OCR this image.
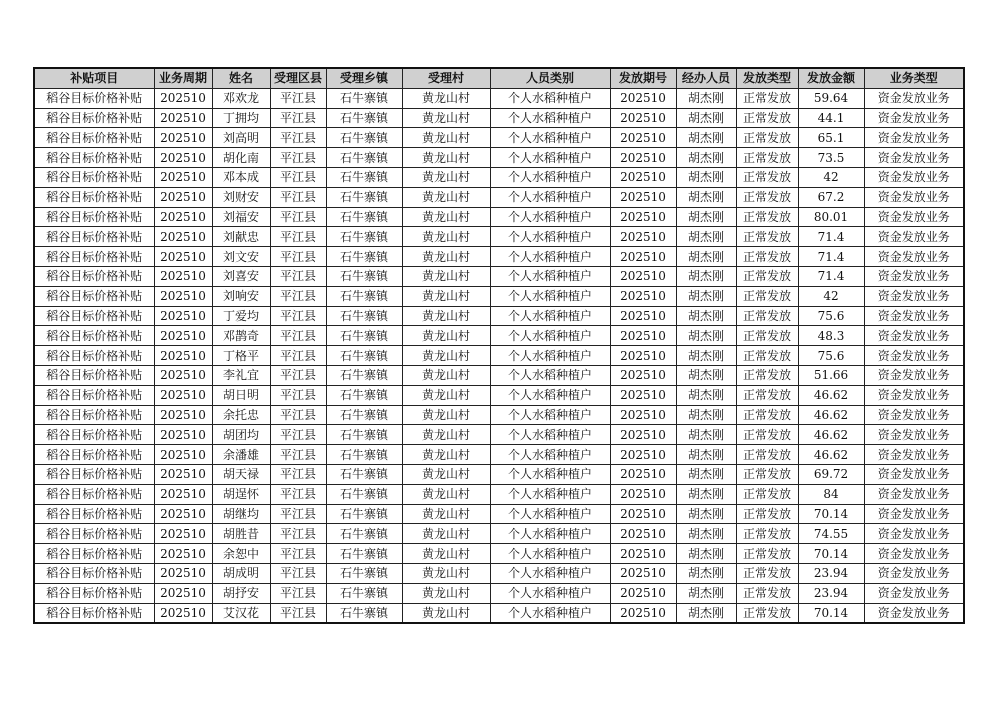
补贴项目	业务周期	姓名	受理区县	受理乡镇	受理村	人员类别	发放期号	经办人员	发放类型	发放金额	业务类型
稻谷目标价格补贴	202510	邓欢龙	平江县	石牛寨镇	黄龙山村	个人水稻种植户	202510	胡杰刚	正常发放	59.64	资金发放业务
稻谷目标价格补贴	202510	丁拥均	平江县	石牛寨镇	黄龙山村	个人水稻种植户	202510	胡杰刚	正常发放	44.1	资金发放业务
稻谷目标价格补贴	202510	刘高明	平江县	石牛寨镇	黄龙山村	个人水稻种植户	202510	胡杰刚	正常发放	65.1	资金发放业务
稻谷目标价格补贴	202510	胡化南	平江县	石牛寨镇	黄龙山村	个人水稻种植户	202510	胡杰刚	正常发放	73.5	资金发放业务
稻谷目标价格补贴	202510	邓本成	平江县	石牛寨镇	黄龙山村	个人水稻种植户	202510	胡杰刚	正常发放	42	资金发放业务
稻谷目标价格补贴	202510	刘财安	平江县	石牛寨镇	黄龙山村	个人水稻种植户	202510	胡杰刚	正常发放	67.2	资金发放业务
稻谷目标价格补贴	202510	刘福安	平江县	石牛寨镇	黄龙山村	个人水稻种植户	202510	胡杰刚	正常发放	80.01	资金发放业务
稻谷目标价格补贴	202510	刘献忠	平江县	石牛寨镇	黄龙山村	个人水稻种植户	202510	胡杰刚	正常发放	71.4	资金发放业务
稻谷目标价格补贴	202510	刘文安	平江县	石牛寨镇	黄龙山村	个人水稻种植户	202510	胡杰刚	正常发放	71.4	资金发放业务
稻谷目标价格补贴	202510	刘喜安	平江县	石牛寨镇	黄龙山村	个人水稻种植户	202510	胡杰刚	正常发放	71.4	资金发放业务
稻谷目标价格补贴	202510	刘响安	平江县	石牛寨镇	黄龙山村	个人水稻种植户	202510	胡杰刚	正常发放	42	资金发放业务
稻谷目标价格补贴	202510	丁爱均	平江县	石牛寨镇	黄龙山村	个人水稻种植户	202510	胡杰刚	正常发放	75.6	资金发放业务
稻谷目标价格补贴	202510	邓鹊奇	平江县	石牛寨镇	黄龙山村	个人水稻种植户	202510	胡杰刚	正常发放	48.3	资金发放业务
稻谷目标价格补贴	202510	丁格平	平江县	石牛寨镇	黄龙山村	个人水稻种植户	202510	胡杰刚	正常发放	75.6	资金发放业务
稻谷目标价格补贴	202510	李礼宜	平江县	石牛寨镇	黄龙山村	个人水稻种植户	202510	胡杰刚	正常发放	51.66	资金发放业务
稻谷目标价格补贴	202510	胡日明	平江县	石牛寨镇	黄龙山村	个人水稻种植户	202510	胡杰刚	正常发放	46.62	资金发放业务
稻谷目标价格补贴	202510	余托忠	平江县	石牛寨镇	黄龙山村	个人水稻种植户	202510	胡杰刚	正常发放	46.62	资金发放业务
稻谷目标价格补贴	202510	胡团均	平江县	石牛寨镇	黄龙山村	个人水稻种植户	202510	胡杰刚	正常发放	46.62	资金发放业务
稻谷目标价格补贴	202510	余潘雄	平江县	石牛寨镇	黄龙山村	个人水稻种植户	202510	胡杰刚	正常发放	46.62	资金发放业务
稻谷目标价格补贴	202510	胡天禄	平江县	石牛寨镇	黄龙山村	个人水稻种植户	202510	胡杰刚	正常发放	69.72	资金发放业务
稻谷目标价格补贴	202510	胡逞怀	平江县	石牛寨镇	黄龙山村	个人水稻种植户	202510	胡杰刚	正常发放	84	资金发放业务
稻谷目标价格补贴	202510	胡继均	平江县	石牛寨镇	黄龙山村	个人水稻种植户	202510	胡杰刚	正常发放	70.14	资金发放业务
稻谷目标价格补贴	202510	胡胜昔	平江县	石牛寨镇	黄龙山村	个人水稻种植户	202510	胡杰刚	正常发放	74.55	资金发放业务
稻谷目标价格补贴	202510	余恕中	平江县	石牛寨镇	黄龙山村	个人水稻种植户	202510	胡杰刚	正常发放	70.14	资金发放业务
稻谷目标价格补贴	202510	胡成明	平江县	石牛寨镇	黄龙山村	个人水稻种植户	202510	胡杰刚	正常发放	23.94	资金发放业务
稻谷目标价格补贴	202510	胡抒安	平江县	石牛寨镇	黄龙山村	个人水稻种植户	202510	胡杰刚	正常发放	23.94	资金发放业务
稻谷目标价格补贴	202510	艾汉花	平江县	石牛寨镇	黄龙山村	个人水稻种植户	202510	胡杰刚	正常发放	70.14	资金发放业务
